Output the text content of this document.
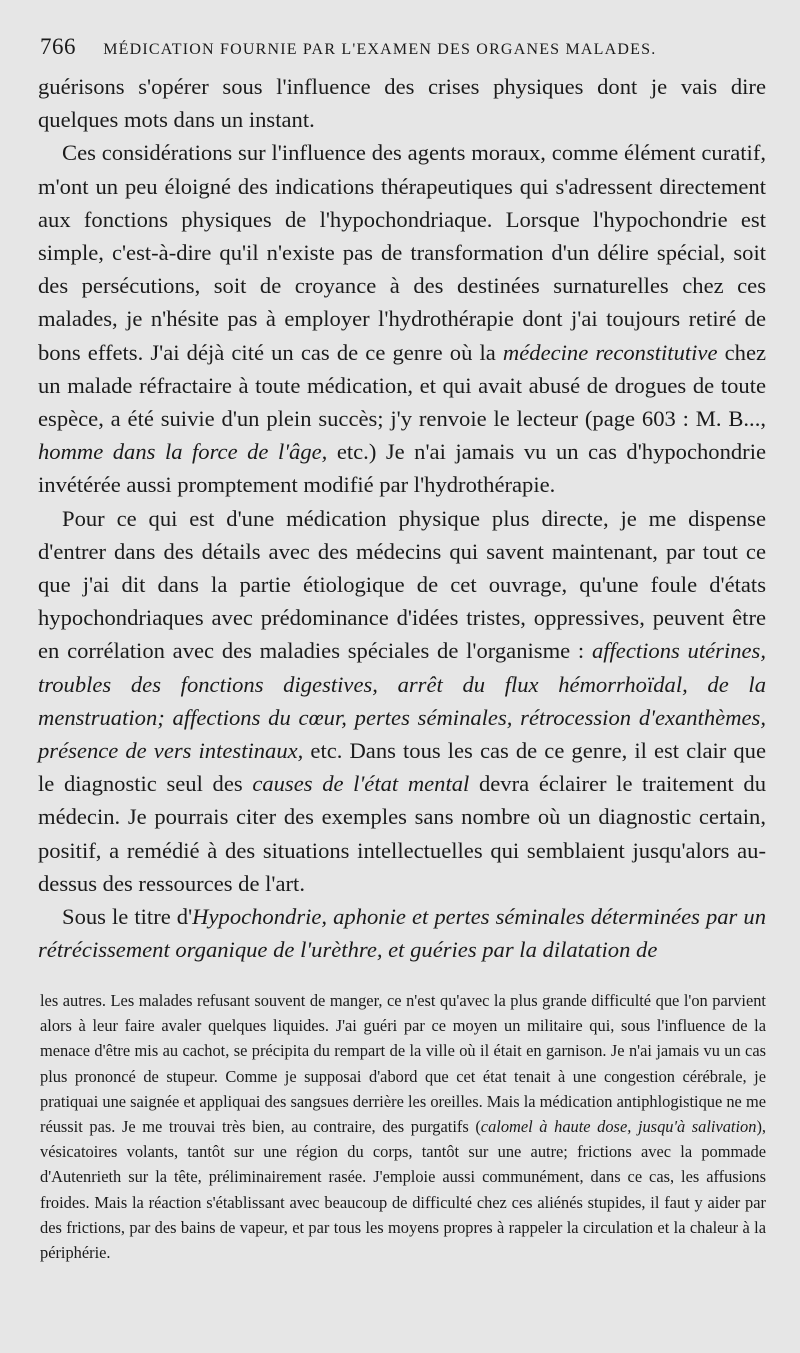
766 MÉDICATION FOURNIE PAR L'EXAMEN DES ORGANES MALADES.

guérisons s'opérer sous l'influence des crises physiques dont je vais dire quelques mots dans un instant.

Ces considérations sur l'influence des agents moraux, comme élément curatif, m'ont un peu éloigné des indications thérapeutiques qui s'adressent directement aux fonctions physiques de l'hypochondriaque. Lorsque l'hypochondrie est simple, c'est-à-dire qu'il n'existe pas de transformation d'un délire spécial, soit des persécutions, soit de croyance à des destinées surnaturelles chez ces malades, je n'hésite pas à employer l'hydrothérapie dont j'ai toujours retiré de bons effets. J'ai déjà cité un cas de ce genre où la médecine reconstitutive chez un malade réfractaire à toute médication, et qui avait abusé de drogues de toute espèce, a été suivie d'un plein succès; j'y renvoie le lecteur (page 603 : M. B..., homme dans la force de l'âge, etc.) Je n'ai jamais vu un cas d'hypochondrie invétérée aussi promptement modifié par l'hydrothérapie.

Pour ce qui est d'une médication physique plus directe, je me dispense d'entrer dans des détails avec des médecins qui savent maintenant, par tout ce que j'ai dit dans la partie étiologique de cet ouvrage, qu'une foule d'états hypochondriaques avec prédominance d'idées tristes, oppressives, peuvent être en corrélation avec des maladies spéciales de l'organisme : affections utérines, troubles des fonctions digestives, arrêt du flux hémorrhoïdal, de la menstruation; affections du cœur, pertes séminales, rétrocession d'exanthèmes, présence de vers intestinaux, etc. Dans tous les cas de ce genre, il est clair que le diagnostic seul des causes de l'état mental devra éclairer le traitement du médecin. Je pourrais citer des exemples sans nombre où un diagnostic certain, positif, a remédié à des situations intellectuelles qui semblaient jusqu'alors au-dessus des ressources de l'art.

Sous le titre d'Hypochondrie, aphonie et pertes séminales déterminées par un rétrécissement organique de l'urèthre, et guéries par la dilatation de

les autres. Les malades refusant souvent de manger, ce n'est qu'avec la plus grande difficulté que l'on parvient alors à leur faire avaler quelques liquides. J'ai guéri par ce moyen un militaire qui, sous l'influence de la menace d'être mis au cachot, se précipita du rempart de la ville où il était en garnison. Je n'ai jamais vu un cas plus prononcé de stupeur. Comme je supposai d'abord que cet état tenait à une congestion cérébrale, je pratiquai une saignée et appliquai des sangsues derrière les oreilles. Mais la médication antiphlogistique ne me réussit pas. Je me trouvai très bien, au contraire, des purgatifs (calomel à haute dose, jusqu'à salivation), vésicatoires volants, tantôt sur une région du corps, tantôt sur une autre; frictions avec la pommade d'Autenrieth sur la tête, préliminairement rasée. J'emploie aussi communément, dans ce cas, les affusions froides. Mais la réaction s'établissant avec beaucoup de difficulté chez ces aliénés stupides, il faut y aider par des frictions, par des bains de vapeur, et par tous les moyens propres à rappeler la circulation et la chaleur à la périphérie.
